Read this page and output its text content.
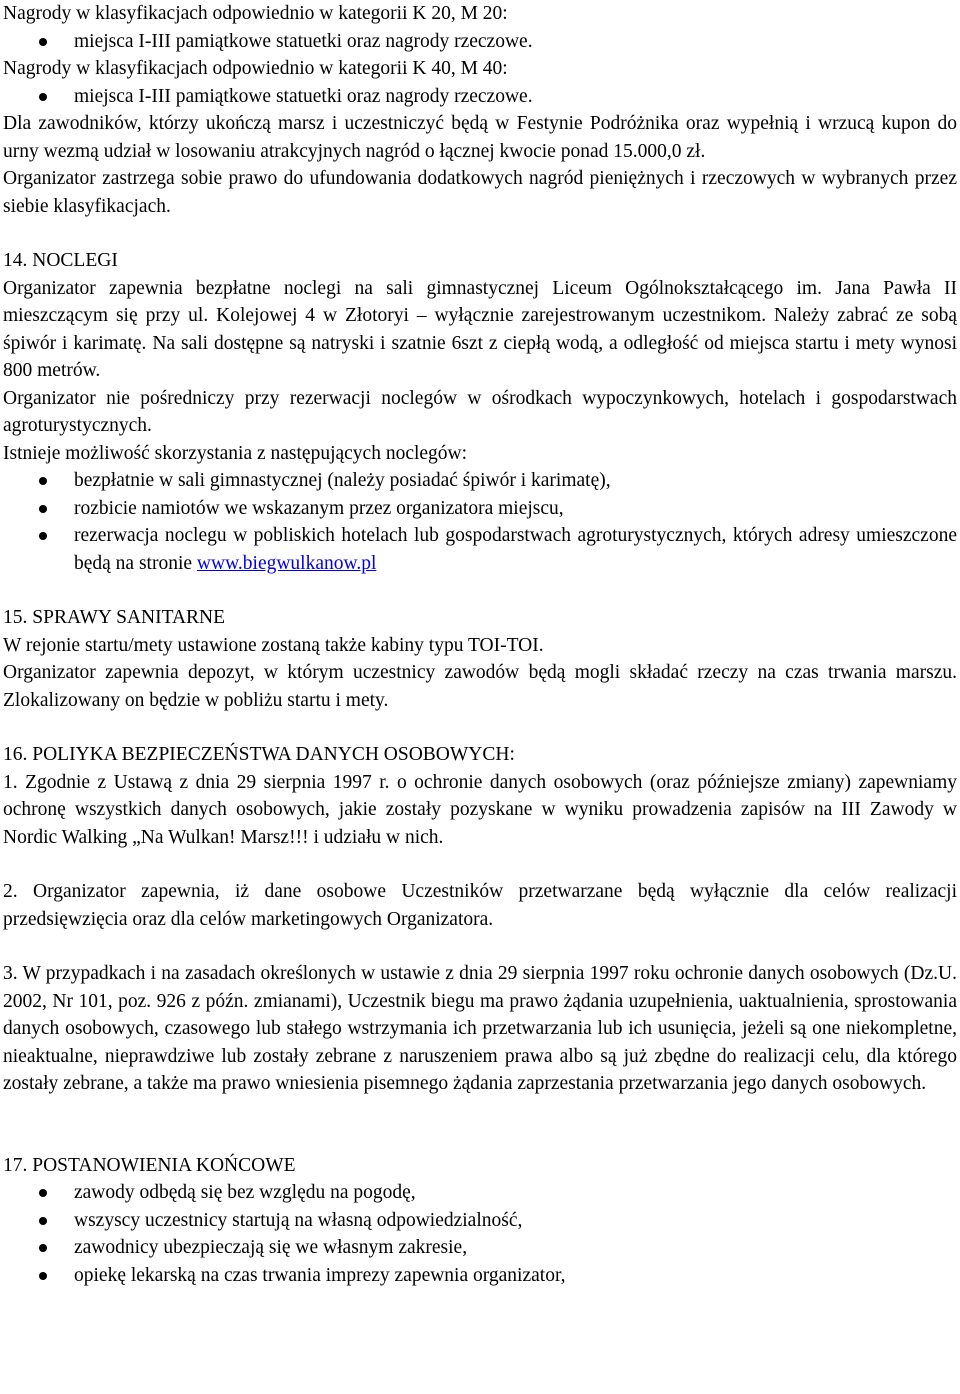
Nagrody w klasyfikacjach odpowiednio w kategorii K 20, M 20:

miejsca I-III pamiątkowe statuetki oraz nagrody rzeczowe.

Nagrody w klasyfikacjach odpowiednio w kategorii K 40, M 40:

miejsca I-III pamiątkowe statuetki oraz nagrody rzeczowe.

Dla zawodników, którzy ukończą marsz i uczestniczyć będą w Festynie Podróżnika oraz wypełnią i wrzucą kupon do urny wezmą udział w losowaniu atrakcyjnych nagród o łącznej kwocie ponad 15.000,0 zł.

Organizator zastrzega sobie prawo do ufundowania dodatkowych nagród pieniężnych i rzeczowych w wybranych przez siebie klasyfikacjach.

14. NOCLEGI

Organizator zapewnia bezpłatne noclegi na sali gimnastycznej Liceum Ogólnokształcącego im. Jana Pawła II mieszczącym się przy ul. Kolejowej 4 w Złotoryi – wyłącznie zarejestrowanym uczestnikom. Należy zabrać ze sobą śpiwór i karimatę. Na sali dostępne są natryski i szatnie 6szt z ciepłą wodą, a odległość od miejsca startu i mety wynosi 800 metrów.

Organizator nie pośredniczy przy rezerwacji noclegów w ośrodkach wypoczynkowych, hotelach i gospodarstwach agroturystycznych.

Istnieje możliwość skorzystania z następujących noclegów:

bezpłatnie w sali gimnastycznej (należy posiadać śpiwór i karimatę),
rozbicie namiotów we wskazanym przez organizatora miejscu,
rezerwacja noclegu w pobliskich hotelach lub gospodarstwach agroturystycznych, których adresy umieszczone będą na stronie www.biegwulkanow.pl

15. SPRAWY SANITARNE

W rejonie startu/mety ustawione zostaną także kabiny typu TOI-TOI.

Organizator zapewnia depozyt, w którym uczestnicy zawodów będą mogli składać rzeczy na czas trwania marszu. Zlokalizowany on będzie w pobliżu startu i mety.

16. POLIYKA BEZPIECZEŃSTWA DANYCH OSOBOWYCH:

1. Zgodnie z Ustawą z dnia 29 sierpnia 1997 r. o ochronie danych osobowych (oraz późniejsze zmiany) zapewniamy ochronę wszystkich danych osobowych, jakie zostały pozyskane w wyniku prowadzenia zapisów na III Zawody w Nordic Walking „Na Wulkan! Marsz!!! i udziału w nich.

2. Organizator zapewnia, iż dane osobowe Uczestników przetwarzane będą wyłącznie dla celów realizacji przedsięwzięcia oraz dla celów marketingowych Organizatora.

3. W przypadkach i na zasadach określonych w ustawie z dnia 29 sierpnia 1997 roku ochronie danych osobowych (Dz.U. 2002, Nr 101, poz. 926 z późn. zmianami), Uczestnik biegu ma prawo żądania uzupełnienia, uaktualnienia, sprostowania danych osobowych, czasowego lub stałego wstrzymania ich przetwarzania lub ich usunięcia, jeżeli są one niekompletne, nieaktualne, nieprawdziwe lub zostały zebrane z naruszeniem prawa albo są już zbędne do realizacji celu, dla którego zostały zebrane, a także ma prawo wniesienia pisemnego żądania zaprzestania przetwarzania jego danych osobowych.

17. POSTANOWIENIA KOŃCOWE

zawody odbędą się bez względu na pogodę,
wszyscy uczestnicy startują na własną odpowiedzialność,
zawodnicy ubezpieczają się we własnym zakresie,
opiekę lekarską na czas trwania imprezy zapewnia organizator,
